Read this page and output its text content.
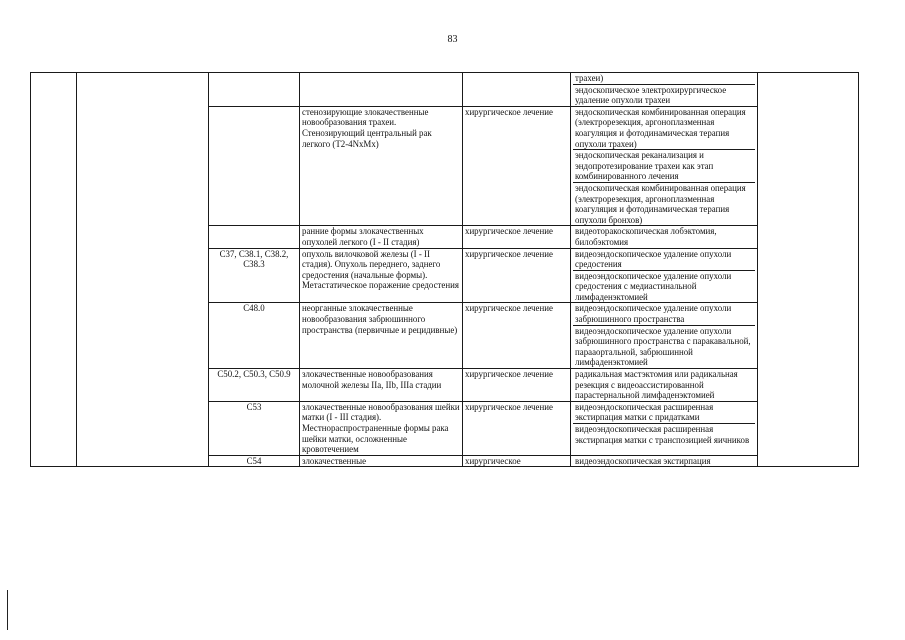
83

					трахеи)
эндоскопическое электрохирургическое удаление опухоли трахеи	

			стенозирующие злокачественные новообразования трахеи. Стенозирующий центральный рак легкого (T2-4NxMx)	хирургическое лечение	эндоскопическая комбинированная операция (электрорезекция, аргоноплазменная коагуляция и фотодинамическая терапия опухоли трахеи)
эндоскопическая реканализация и эндопротезирование трахеи как этап комбинированного лечения
эндоскопическая комбинированная операция (электрорезекция, аргоноплазменная коагуляция и фотодинамическая терапия опухоли бронхов)	

			ранние формы злокачественных опухолей легкого (I - II стадия)	хирургическое лечение	видеоторакоскопическая лобэктомия, билобэктомия	

		C37, C38.1, C38.2, C38.3	опухоль вилочковой железы (I - II стадия). Опухоль переднего, заднего средостения (начальные формы). Метастатическое поражение средостения	хирургическое лечение	видеоэндоскопическое удаление опухоли средостения
видеоэндоскопическое удаление опухоли средостения с медиастинальной лимфаденэктомией	

		C48.0	неорганные злокачественные новообразования забрюшинного пространства (первичные и рецидивные)	хирургическое лечение	видеоэндоскопическое удаление опухоли забрюшинного пространства
видеоэндоскопическое удаление опухоли забрюшинного пространства с паракавальной, парааортальной, забрюшинной лимфаденэктомией	

		C50.2, C50.3, C50.9	злокачественные новообразования молочной железы IIa, IIb, IIIa стадии	хирургическое лечение	радикальная мастэктомия или радикальная резекция с видеоассистированной парастернальной лимфаденэктомией	

		C53	злокачественные новообразования шейки матки (I - III стадия). Местнораспространенные формы рака шейки матки, осложненные кровотечением	хирургическое лечение	видеоэндоскопическая расширенная экстирпация матки с придатками
видеоэндоскопическая расширенная экстирпация матки с транспозицией яичников	

		C54	злокачественные	хирургическое	видеоэндоскопическая экстирпация	
